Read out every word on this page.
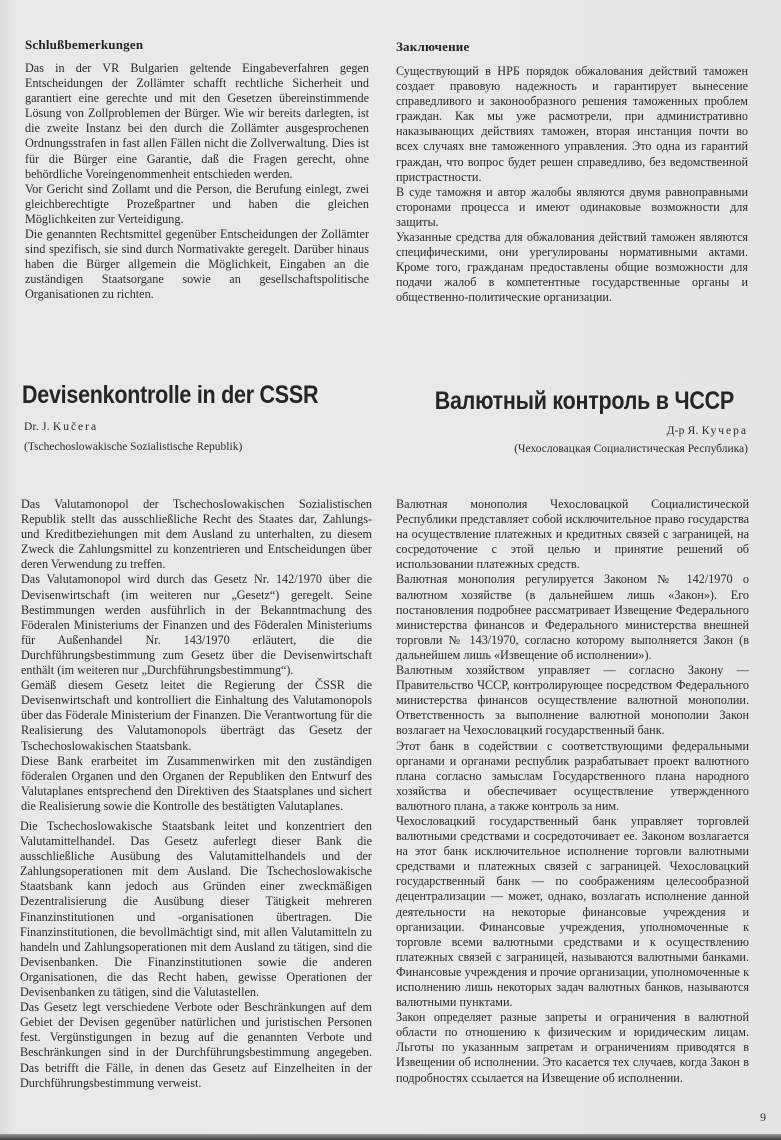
Schlußbemerkungen

Das in der VR Bulgarien geltende Eingabeverfahren gegen Entscheidungen der Zollämter schafft rechtliche Sicherheit und garantiert eine gerechte und mit den Gesetzen übereinstimmende Lösung von Zollproblemen der Bürger. Wie wir bereits darlegten, ist die zweite Instanz bei den durch die Zollämter ausgesprochenen Ordnungsstrafen in fast allen Fällen nicht die Zollverwaltung. Dies ist für die Bürger eine Garantie, daß die Fragen gerecht, ohne behördliche Voreingenommenheit entschieden werden.

Vor Gericht sind Zollamt und die Person, die Berufung einlegt, zwei gleichberechtigte Prozeßpartner und haben die gleichen Möglichkeiten zur Verteidigung.

Die genannten Rechtsmittel gegenüber Entscheidungen der Zollämter sind spezifisch, sie sind durch Normativakte geregelt. Darüber hinaus haben die Bürger allgemein die Möglichkeit, Eingaben an die zuständigen Staatsorgane sowie an gesellschaftspolitische Organisationen zu richten.

Заключение

Существующий в НРБ порядок обжалования действий таможен создает правовую надежность и гарантирует вынесение справедливого и законообразного решения таможенных проблем граждан. Как мы уже расмотрели, при административно наказывающих действиях таможен, вторая инстанция почти во всех случаях вне таможенного управления. Это одна из гарантий граждан, что вопрос будет решен справедливо, без ведомственной пристрастности.

В суде таможня и автор жалобы являются двумя равноправными сторонами процесса и имеют одинаковые возможности для защиты.

Указанные средства для обжалования действий таможен являются специфическими, они урегулированы нормативными актами. Кроме того, гражданам предоставлены общие возможности для подачи жалоб в компетентные государственные органы и общественно-политические организации.

Devisenkontrolle in der CSSR
Dr. J. Kučera
(Tschechoslowakische Sozialistische Republik)
Валютный контроль в ЧССР
Д-р Я. Кучера
(Чехословацкая Социалистическая Республика)

Das Valutamonopol der Tschechoslowakischen Sozialistischen Republik stellt das ausschließliche Recht des Staates dar, Zahlungs- und Kreditbeziehungen mit dem Ausland zu unterhalten, zu diesem Zweck die Zahlungsmittel zu konzentrieren und Entscheidungen über deren Verwendung zu treffen.

Das Valutamonopol wird durch das Gesetz Nr. 142/1970 über die Devisenwirtschaft (im weiteren nur „Gesetz“) geregelt. Seine Bestimmungen werden ausführlich in der Bekanntmachung des Föderalen Ministeriums der Finanzen und des Föderalen Ministeriums für Außenhandel Nr. 143/1970 erläutert, die die Durchführungsbestimmung zum Gesetz über die Devisenwirtschaft enthält (im weiteren nur „Durchführungsbestimmung“).

Gemäß diesem Gesetz leitet die Regierung der ČSSR die Devisenwirtschaft und kontrolliert die Einhaltung des Valutamonopols über das Föderale Ministerium der Finanzen. Die Verantwortung für die Realisierung des Valutamonopols überträgt das Gesetz der Tschechoslowakischen Staatsbank.

Diese Bank erarbeitet im Zusammenwirken mit den zuständigen föderalen Organen und den Organen der Republiken den Entwurf des Valutaplanes entsprechend den Direktiven des Staatsplanes und sichert die Realisierung sowie die Kontrolle des bestätigten Valutaplanes.

Die Tschechoslowakische Staatsbank leitet und konzentriert den Valutamittelhandel. Das Gesetz auferlegt dieser Bank die ausschließliche Ausübung des Valutamittelhandels und der Zahlungsoperationen mit dem Ausland. Die Tschechoslowakische Staatsbank kann jedoch aus Gründen einer zweckmäßigen Dezentralisierung die Ausübung dieser Tätigkeit mehreren Finanzinstitutionen und -organisationen übertragen. Die Finanzinstitutionen, die bevollmächtigt sind, mit allen Valutamitteln zu handeln und Zahlungsoperationen mit dem Ausland zu tätigen, sind die Devisenbanken. Die Finanzinstitutionen sowie die anderen Organisationen, die das Recht haben, gewisse Operationen der Devisenbanken zu tätigen, sind die Valutastellen.

Das Gesetz legt verschiedene Verbote oder Beschränkungen auf dem Gebiet der Devisen gegenüber natürlichen und juristischen Personen fest. Vergünstigungen in bezug auf die genannten Verbote und Beschränkungen sind in der Durchführungsbestimmung angegeben. Das betrifft die Fälle, in denen das Gesetz auf Einzelheiten in der Durchführungsbestimmung verweist.

Валютная монополия Чехословацкой Социалистической Республики представляет собой исключительное право государства на осуществление платежных и кредитных связей с заграницей, на сосредоточение с этой целью и принятие решений об использовании платежных средств.

Валютная монополия регулируется Законом № 142/1970 о валютном хозяйстве (в дальнейшем лишь «Закон»). Его постановления подробнее рассматривает Извещение Федерального министерства финансов и Федерального министерства внешней торговли № 143/1970, согласно которому выполняется Закон (в дальнейшем лишь «Извещение об исполнении»).

Валютным хозяйством управляет — согласно Закону — Правительство ЧССР, контролирующее посредством Федерального министерства финансов осуществление валютной монополии. Ответственность за выполнение валютной монополии Закон возлагает на Чехословацкий государственный банк.

Этот банк в содействии с соответствующими федеральными органами и органами республик разрабатывает проект валютного плана согласно замыслам Государственного плана народного хозяйства и обеспечивает осуществление утвержденного валютного плана, а также контроль за ним.

Чехословацкий государственный банк управляет торговлей валютными средствами и сосредоточивает ее. Законом возлагается на этот банк исключительное исполнение торговли валютными средствами и платежных связей с заграницей. Чехословацкий государственный банк — по соображениям целесообразной децентрализации — может, однако, возлагать исполнение данной деятельности на некоторые финансовые учреждения и организации. Финансовые учреждения, уполномоченные к торговле всеми валютными средствами и к осуществлению платежных связей с заграницей, называются валютными банками. Финансовые учреждения и прочие организации, уполномоченные к исполнению лишь некоторых задач валютных банков, называются валютными пунктами.

Закон определяет разные запреты и ограничения в валютной области по отношению к физическим и юридическим лицам. Льготы по указанным запретам и ограничениям приводятся в Извещении об исполнении. Это касается тех случаев, когда Закон в подробностях ссылается на Извещение об исполнении.

9
